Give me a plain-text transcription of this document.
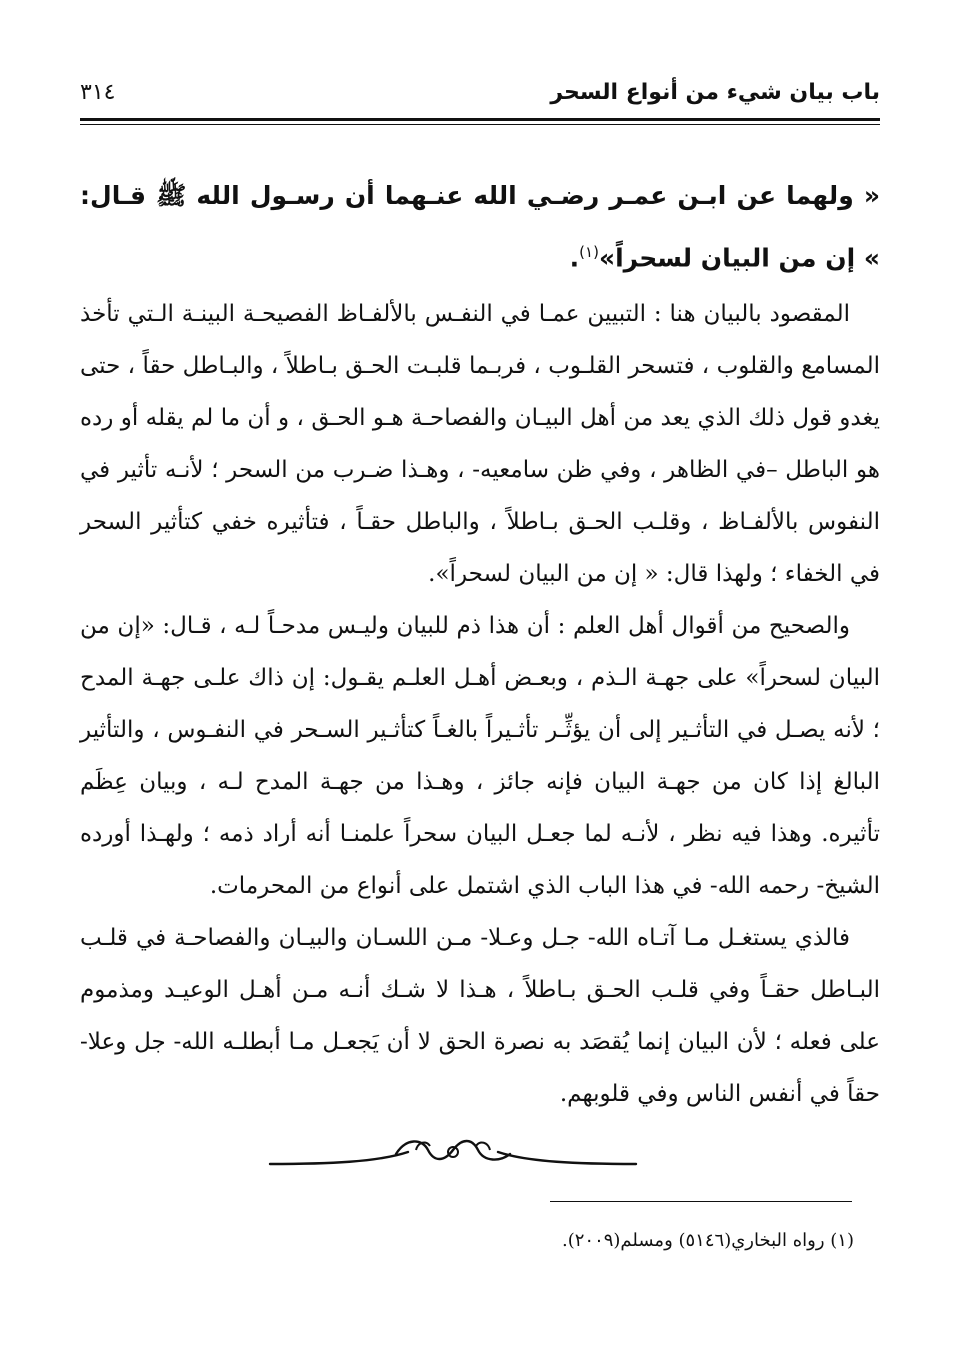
باب بيان شيء من أنواع السحر
٣١٤

« ولهما عن ابـن عمـر رضـي الله عنـهما أن رسـول الله ﷺ قـال: » إن من البيان لسحراً»$^{(١)}$.

المقصود بالبيان هنا : التبيين عمـا في النفـس بالألفـاظ الفصيحـة البينـة الـتي تأخذ المسامع والقلوب ، فتسحر القلـوب ، فربـما قلبـت الحـق بـاطلاً ، والبـاطل حقاً ، حتى يغدو قول ذلك الذي يعد من أهل البيـان والفصاحـة هـو الحـق ، و أن ما لم يقله أو رده هو الباطل –في الظاهر ، وفي ظن سامعيه- ، وهـذا ضـرب من السحر ؛ لأنـه تأثير في النفوس بالألفـاظ ، وقلـب الحـق بـاطلاً ، والباطل حقـاً ، فتأثيره خفي كتأثير السحر في الخفاء ؛ ولهذا قال: « إن من البيان لسحراً».

والصحيح من أقوال أهل العلم : أن هذا ذم للبيان وليـس مدحـاً لـه ، قـال: «إن من البيان لسحراً» على جهـة الـذم ، وبعـض أهـل العلـم يقـول: إن ذاك علـى جهـة المدح ؛ لأنه يصـل في التأثـير إلى أن يؤثِّـر تأثـيراً بالغـاً كتأثـير السـحر في النفـوس ، والتأثير البالغ إذا كان من جهـة البيان فإنه جائز ، وهـذا من جهـة المدح لـه ، وبيان عِظَم تأثيره. وهذا فيه نظر ، لأنـه لما جعـل البيان سحراً علمنـا أنه أراد ذمه ؛ ولهـذا أورده الشيخ- رحمه الله- في هذا الباب الذي اشتمل على أنواع من المحرمات.

فالذي يستغـل مـا آتـاه الله- جـل وعـلا- مـن اللسـان والبيـان والفصاحـة في قلـب البـاطل حقـاً وفي قلـب الحـق بـاطلاً ، هـذا لا شـك أنـه مـن أهـل الوعيـد ومذموم على فعله ؛ لأن البيان إنما يُقصَد به نصرة الحق لا أن يَجعـل مـا أبطلـه الله- جل وعلا- حقاً في أنفس الناس وفي قلوبهم.

(١) رواه البخاري(٥١٤٦) ومسلم(٢٠٠٩).
